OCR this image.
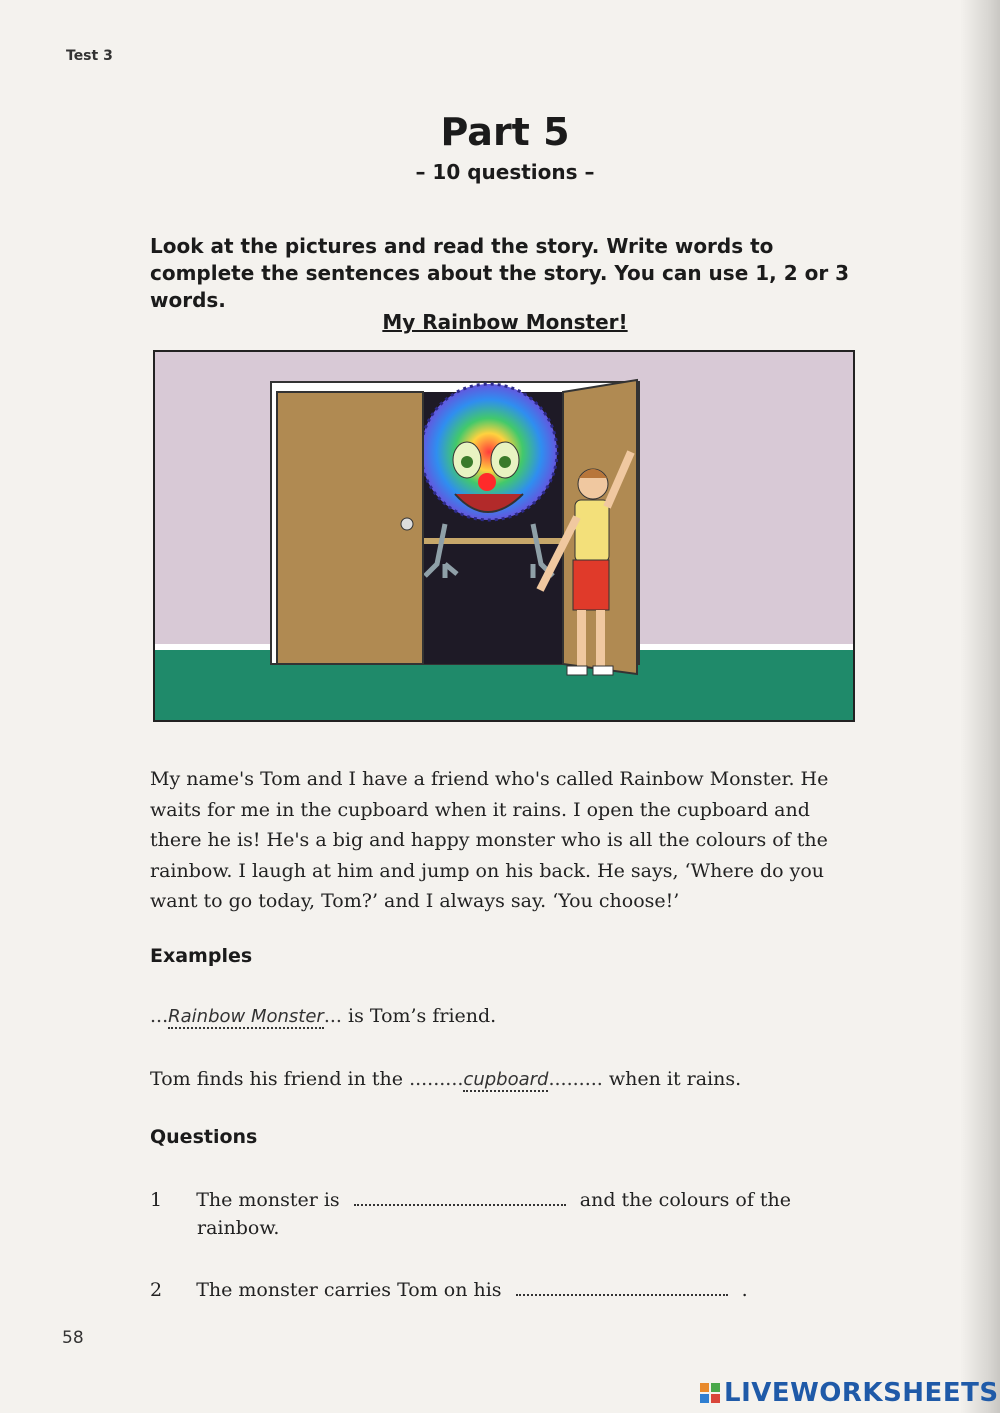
Test 3
Part 5
– 10 questions –
Look at the pictures and read the story. Write words to complete the sentences about the story. You can use 1, 2 or 3 words.
My Rainbow Monster!
My name's Tom and I have a friend who's called Rainbow Monster. He waits for me in the cupboard when it rains. I open the cupboard and there he is! He's a big and happy monster who is all the colours of the rainbow. I laugh at him and jump on his back. He says, ‘Where do you want to go today, Tom?’ and I always say. ‘You choose!’
Examples
...Rainbow Monster... is Tom’s friend.
Tom finds his friend in the .........cupboard......... when it rains.
Questions
1 The monster is	and the colours of the
rainbow.
2 The monster carries Tom on his	.
58
LIVEWORKSHEETS
